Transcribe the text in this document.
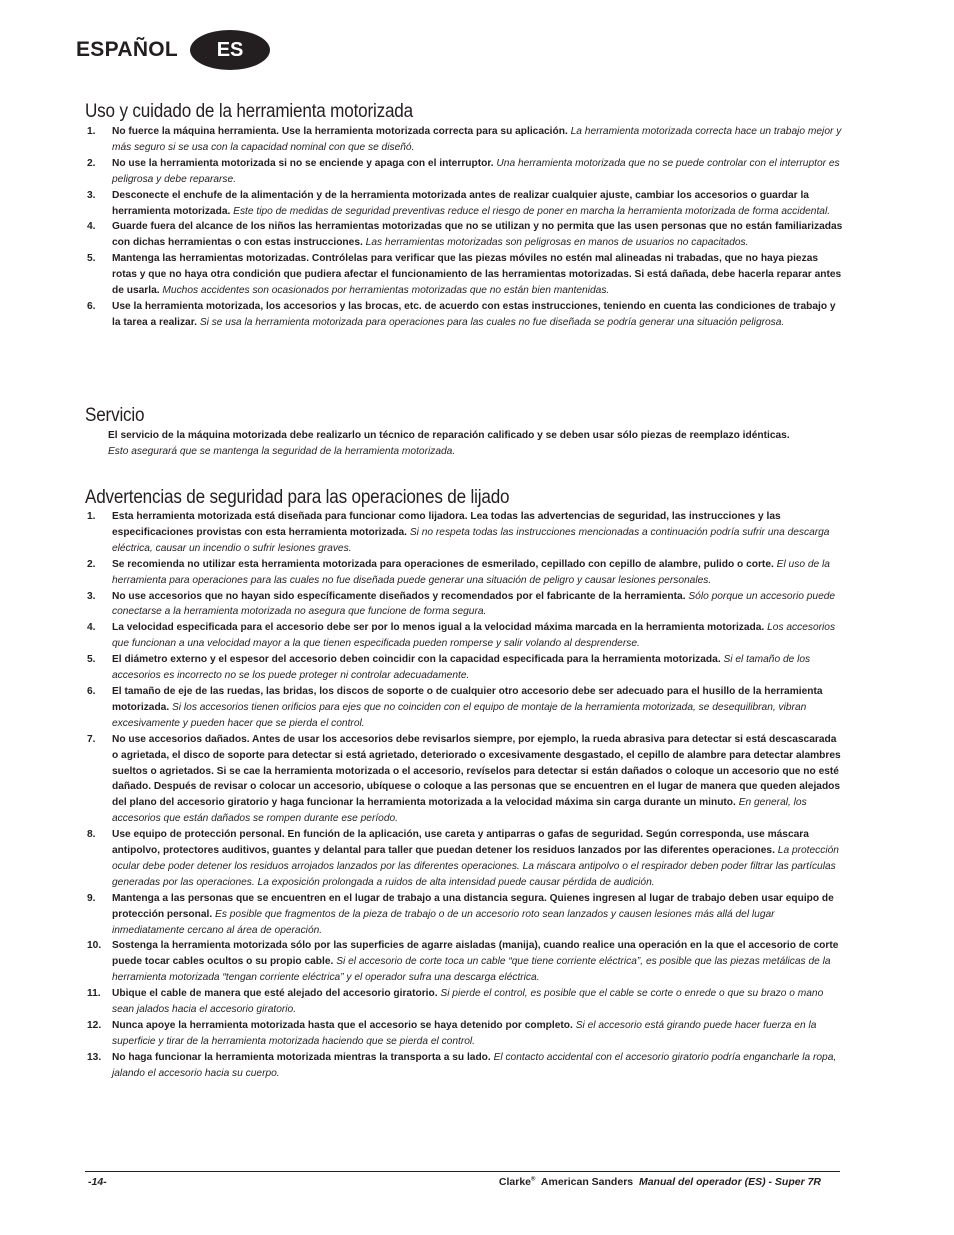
ESPAÑOL	ES
Uso y cuidado de la herramienta motorizada
1. No fuerce la máquina herramienta. Use la herramienta motorizada correcta para su aplicación. La herramienta motorizada correcta hace un trabajo mejor y más seguro si se usa con la capacidad nominal con que se diseñó.
2. No use la herramienta motorizada si no se enciende y apaga con el interruptor. Una herramienta motorizada que no se puede controlar con el interruptor es peligrosa y debe repararse.
3. Desconecte el enchufe de la alimentación y de la herramienta motorizada antes de realizar cualquier ajuste, cambiar los accesorios o guardar la herramienta motorizada. Este tipo de medidas de seguridad preventivas reduce el riesgo de poner en marcha la herramienta motorizada de forma accidental.
4. Guarde fuera del alcance de los niños las herramientas motorizadas que no se utilizan y no permita que las usen personas que no están familiarizadas con dichas herramientas o con estas instrucciones. Las herramientas motorizadas son peligrosas en manos de usuarios no capacitados.
5. Mantenga las herramientas motorizadas. Contrólelas para verificar que las piezas móviles no estén mal alineadas ni trabadas, que no haya piezas rotas y que no haya otra condición que pudiera afectar el funcionamiento de las herramientas motorizadas. Si está dañada, debe hacerla reparar antes de usarla. Muchos accidentes son ocasionados por herramientas motorizadas que no están bien mantenidas.
6. Use la herramienta motorizada, los accesorios y las brocas, etc. de acuerdo con estas instrucciones, teniendo en cuenta las condiciones de trabajo y la tarea a realizar. Si se usa la herramienta motorizada para operaciones para las cuales no fue diseñada se podría generar una situación peligrosa.
Servicio
El servicio de la máquina motorizada debe realizarlo un técnico de reparación calificado y se deben usar sólo piezas de reemplazo idénticas.
Esto asegurará que se mantenga la seguridad de la herramienta motorizada.
Advertencias de seguridad para las operaciones de lijado
1. Esta herramienta motorizada está diseñada para funcionar como lijadora. Lea todas las advertencias de seguridad, las instrucciones y las especificaciones provistas con esta herramienta motorizada. Si no respeta todas las instrucciones mencionadas a continuación podría sufrir una descarga eléctrica, causar un incendio o sufrir lesiones graves.
2. Se recomienda no utilizar esta herramienta motorizada para operaciones de esmerilado, cepillado con cepillo de alambre, pulido o corte. El uso de la herramienta para operaciones para las cuales no fue diseñada puede generar una situación de peligro y causar lesiones personales.
3. No use accesorios que no hayan sido específicamente diseñados y recomendados por el fabricante de la herramienta. Sólo porque un accesorio puede conectarse a la herramienta motorizada no asegura que funcione de forma segura.
4. La velocidad especificada para el accesorio debe ser por lo menos igual a la velocidad máxima marcada en la herramienta motorizada. Los accesorios que funcionan a una velocidad mayor a la que tienen especificada pueden romperse y salir volando al desprenderse.
5. El diámetro externo y el espesor del accesorio deben coincidir con la capacidad especificada para la herramienta motorizada. Si el tamaño de los accesorios es incorrecto no se los puede proteger ni controlar adecuadamente.
6. El tamaño de eje de las ruedas, las bridas, los discos de soporte o de cualquier otro accesorio debe ser adecuado para el husillo de la herramienta motorizada. Si los accesorios tienen orificios para ejes que no coinciden con el equipo de montaje de la herramienta motorizada, se desequilibran, vibran excesivamente y pueden hacer que se pierda el control.
7. No use accesorios dañados. Antes de usar los accesorios debe revisarlos siempre, por ejemplo, la rueda abrasiva para detectar si está descascarada o agrietada, el disco de soporte para detectar si está agrietado, deteriorado o excesivamente desgastado, el cepillo de alambre para detectar alambres sueltos o agrietados. Si se cae la herramienta motorizada o el accesorio, revíselos para detectar si están dañados o coloque un accesorio que no esté dañado. Después de revisar o colocar un accesorio, ubíquese o coloque a las personas que se encuentren en el lugar de manera que queden alejados del plano del accesorio giratorio y haga funcionar la herramienta motorizada a la velocidad máxima sin carga durante un minuto. En general, los accesorios que están dañados se rompen durante ese período.
8. Use equipo de protección personal. En función de la aplicación, use careta y antiparras o gafas de seguridad. Según corresponda, use máscara antipolvo, protectores auditivos, guantes y delantal para taller que puedan detener los residuos lanzados por las diferentes operaciones. La protección ocular debe poder detener los residuos arrojados lanzados por las diferentes operaciones. La máscara antipolvo o el respirador deben poder filtrar las partículas generadas por las operaciones. La exposición prolongada a ruidos de alta intensidad puede causar pérdida de audición.
9. Mantenga a las personas que se encuentren en el lugar de trabajo a una distancia segura. Quienes ingresen al lugar de trabajo deben usar equipo de protección personal. Es posible que fragmentos de la pieza de trabajo o de un accesorio roto sean lanzados y causen lesiones más allá del lugar inmediatamente cercano al área de operación.
10. Sostenga la herramienta motorizada sólo por las superficies de agarre aisladas (manija), cuando realice una operación en la que el accesorio de corte puede tocar cables ocultos o su propio cable. Si el accesorio de corte toca un cable “que tiene corriente eléctrica”, es posible que las piezas metálicas de la herramienta motorizada “tengan corriente eléctrica” y el operador sufra una descarga eléctrica.
11. Ubique el cable de manera que esté alejado del accesorio giratorio. Si pierde el control, es posible que el cable se corte o enrede o que su brazo o mano sean jalados hacia el accesorio giratorio.
12. Nunca apoye la herramienta motorizada hasta que el accesorio se haya detenido por completo. Si el accesorio está girando puede hacer fuerza en la superficie y tirar de la herramienta motorizada haciendo que se pierda el control.
13. No haga funcionar la herramienta motorizada mientras la transporta a su lado. El contacto accidental con el accesorio giratorio podría engancharle la ropa, jalando el accesorio hacia su cuerpo.
-14-	Clarke® American Sanders Manual del operador (ES) - Super 7R
